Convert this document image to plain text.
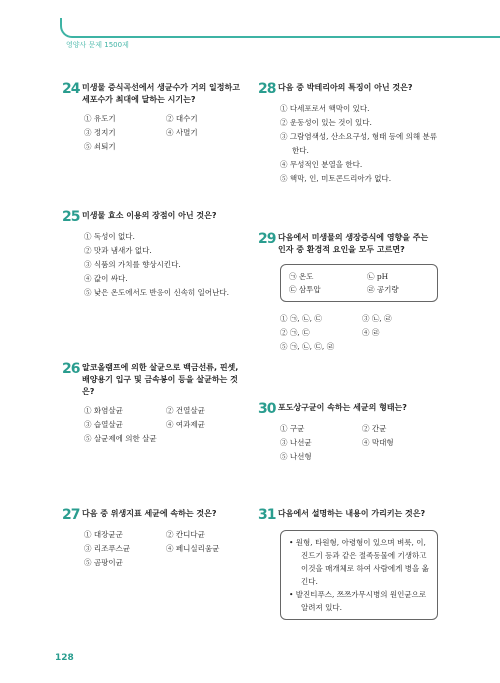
영양사 문제 1500제
24 미생물 증식곡선에서 생균수가 거의 일정하고 세포수가 최대에 달하는 시기는?
① 유도기	② 대수기
③ 정지기	④ 사멸기
⑤ 쇠퇴기
25 미생물 효소 이용의 장점이 아닌 것은?
① 독성이 없다.
② 맛과 냄새가 없다.
③ 식품의 가치를 향상시킨다.
④ 값이 싸다.
⑤ 낮은 온도에서도 반응이 신속히 일어난다.
26 알코올램프에 의한 살균으로 백금선류, 핀셋, 배양용기 입구 및 금속봉이 등을 살균하는 것은?
① 화염살균	② 건열살균
③ 습열살균	④ 여과제균
⑤ 살균제에 의한 살균
27 다음 중 위생지표 세균에 속하는 것은?
① 대장균군	② 칸디다균
③ 리조푸스균	④ 페니실리움균
⑤ 곰팡이균
28 다음 중 박테리아의 특징이 아닌 것은?
① 다세포로서 핵막이 있다.
② 운동성이 있는 것이 있다.
③ 그람염색성, 산소요구성, 형태 등에 의해 분류한다.
④ 무성적인 분열을 한다.
⑤ 핵막, 인, 미토콘드리아가 없다.
29 다음에서 미생물의 생장증식에 영향을 주는 인자 중 환경적 요인을 모두 고르면?
㉠ 온도	㉡ pH
㉢ 삼투압	㉣ 공기량
① ㉠, ㉡, ㉢	③ ㉡, ㉣
② ㉠, ㉢	④ ㉣
⑤ ㉠, ㉡, ㉢, ㉣
30 포도상구균이 속하는 세균의 형태는?
① 구균	② 간균
③ 나선균	④ 막대형
⑤ 나선형
31 다음에서 설명하는 내용이 가리키는 것은?
• 원형, 타원형, 아령형이 있으며 벼룩, 이, 진드기 등과 같은 절족동물에 기생하고 이것을 매개체로 하여 사람에게 병을 옮긴다.
• 발진티푸스, 쯔쯔가무시병의 원인균으로 알려져 있다.
128
